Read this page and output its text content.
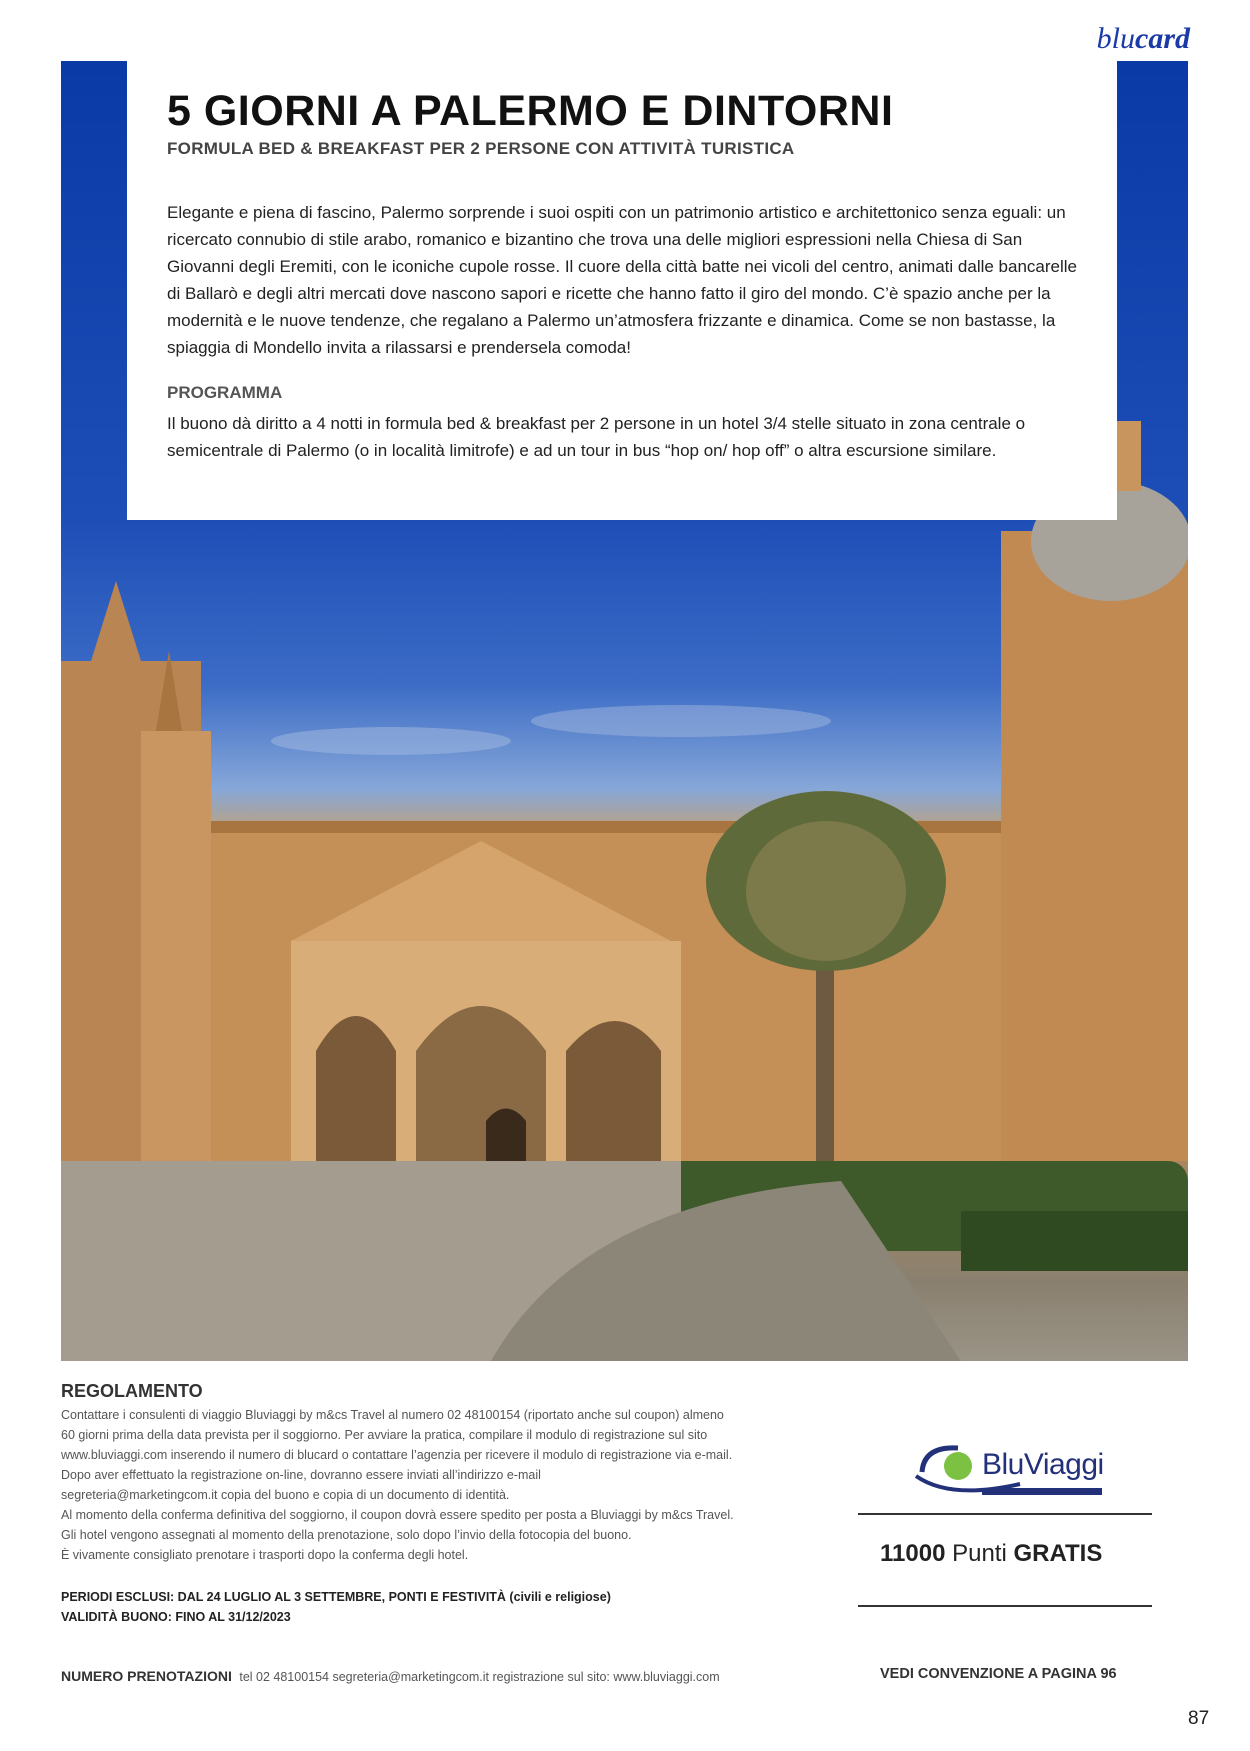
blucard
5 GIORNI A PALERMO E DINTORNI
FORMULA BED & BREAKFAST PER 2 PERSONE CON ATTIVITÀ TURISTICA

Elegante e piena di fascino, Palermo sorprende i suoi ospiti con un patrimonio artistico e architettonico senza eguali: un ricercato connubio di stile arabo, romanico e bizantino che trova una delle migliori espressioni nella Chiesa di San Giovanni degli Eremiti, con le iconiche cupole rosse. Il cuore della città batte nei vicoli del centro, animati dalle bancarelle di Ballarò e degli altri mercati dove nascono sapori e ricette che hanno fatto il giro del mondo. C’è spazio anche per la modernità e le nuove tendenze, che regalano a Palermo un’atmosfera frizzante e dinamica. Come se non bastasse, la spiaggia di Mondello invita a rilassarsi e prendersela comoda!

PROGRAMMA

Il buono dà diritto a 4 notti in formula bed & breakfast per 2 persone in un hotel 3/4 stelle situato in zona centrale o semicentrale di Palermo (o in località limitrofe) e ad un tour in bus “hop on/ hop off” o altra escursione similare.

REGOLAMENTO
Contattare i consulenti di viaggio Bluviaggi by m&cs Travel al numero 02 48100154 (riportato anche sul coupon) almeno
60 giorni prima della data prevista per il soggiorno. Per avviare la pratica, compilare il modulo di registrazione sul sito
www.bluviaggi.com inserendo il numero di blucard o contattare l’agenzia per ricevere il modulo di registrazione via e-mail.
Dopo aver effettuato la registrazione on-line, dovranno essere inviati all’indirizzo e-mail
segreteria@marketingcom.it copia del buono e copia di un documento di identità.
Al momento della conferma definitiva del soggiorno, il coupon dovrà essere spedito per posta a Bluviaggi by m&cs Travel.
Gli hotel vengono assegnati al momento della prenotazione, solo dopo l’invio della fotocopia del buono.
È vivamente consigliato prenotare i trasporti dopo la conferma degli hotel.
PERIODI ESCLUSI: DAL 24 LUGLIO AL 3 SETTEMBRE, PONTI E FESTIVITÀ (civili e religiose)
VALIDITÀ BUONO: FINO AL 31/12/2023
BluViaggi
11000 Punti GRATIS
NUMERO PRENOTAZIONI tel 02 48100154 segreteria@marketingcom.it registrazione sul sito: www.bluviaggi.com	VEDI CONVENZIONE A PAGINA 96
87
